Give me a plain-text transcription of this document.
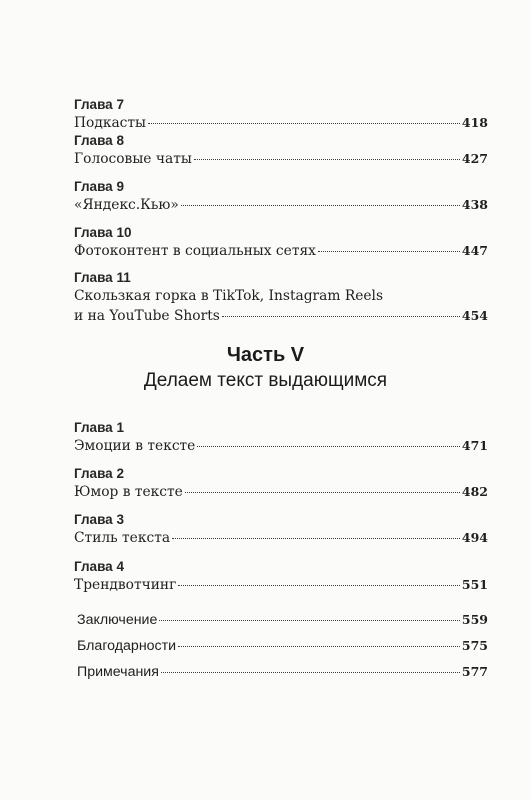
Глава 7
Подкасты	418
Глава 8
Голосовые чаты	427
Глава 9
«Яндекс.Кью»	438
Глава 10
Фотоконтент в социальных сетях	447
Глава 11
Скользкая горка в TikTok, Instagram Reels
и на YouTube Shorts	454
Часть V
Делаем текст выдающимся
Глава 1
Эмоции в тексте	471
Глава 2
Юмор в тексте	482
Глава 3
Стиль текста	494
Глава 4
Трендвотчинг	551
Заключение	559
Благодарности	575
Примечания	577
